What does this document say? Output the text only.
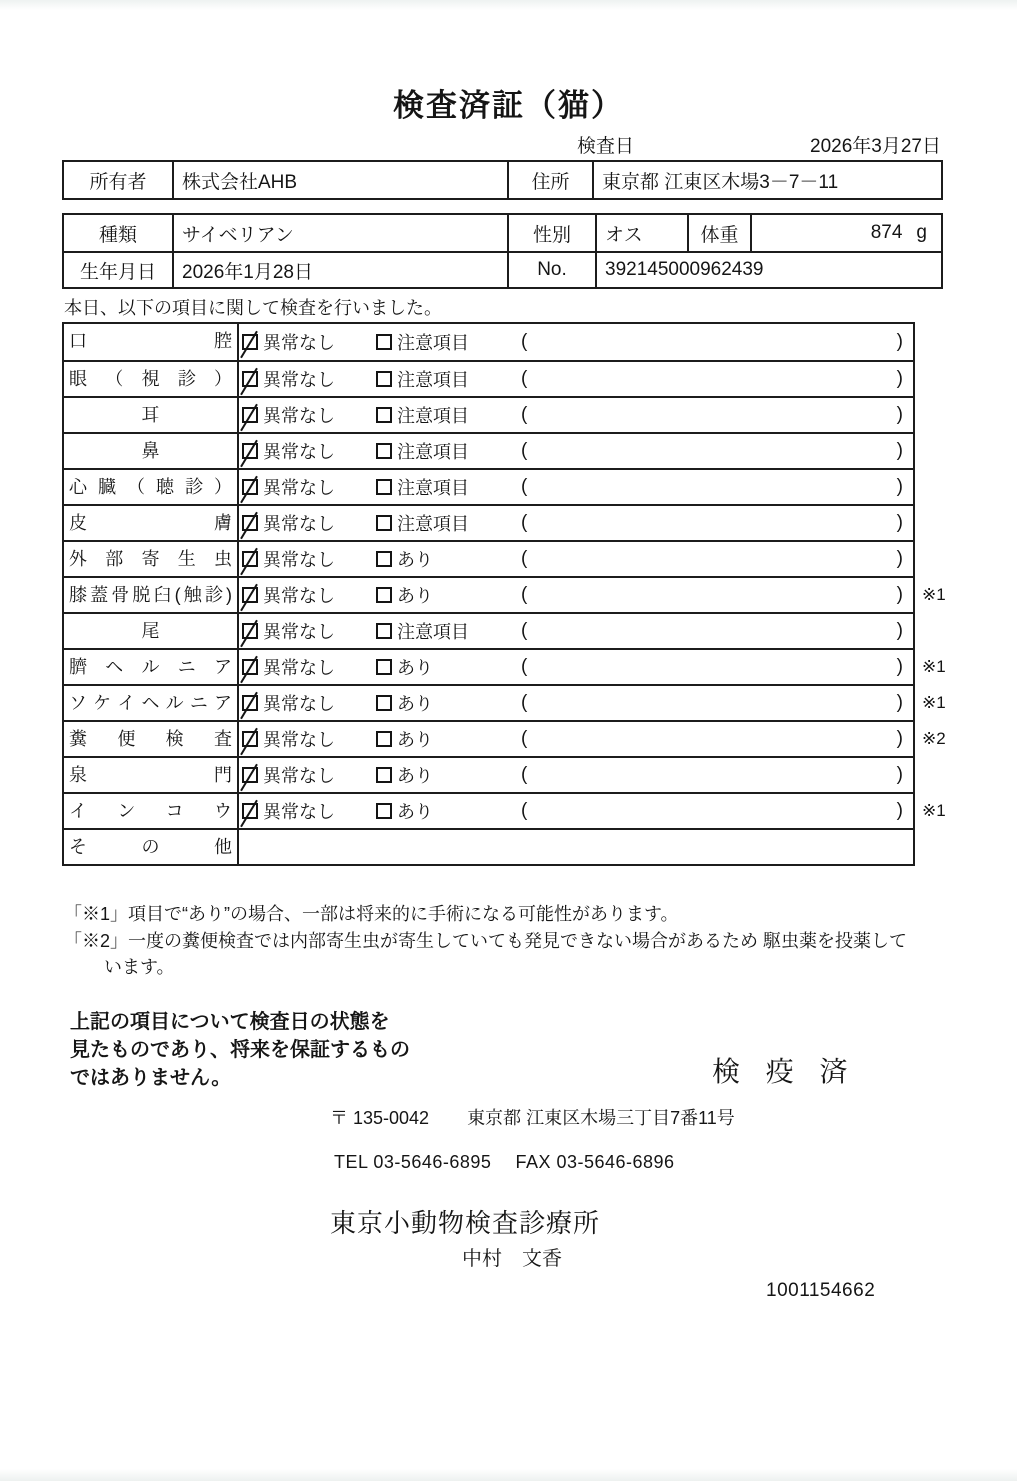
検査済証（猫）
検査日	2026年3月27日
所有者	株式会社AHB	住所	東京都 江東区木場3－7－11
種類	サイベリアン	性別	オス	体重	874 g
生年月日	2026年1月28日	No.	392145000962439
本日、以下の項目に関して検査を行いました。
口 腔	異常なし	注意項目	(	)
眼 （ 視 診 ）	異常なし	注意項目	(	)
耳	異常なし	注意項目	(	)
鼻	異常なし	注意項目	(	)
心 臓 （ 聴 診 ）	異常なし	注意項目	(	)
皮 膚	異常なし	注意項目	(	)
外 部 寄 生 虫	異常なし	あり	(	)
膝蓋骨脱臼(触診)	異常なし	あり	(	) ※1
尾	異常なし	注意項目	(	)
臍 ヘ ル ニ ア	異常なし	あり	(	) ※1
ソ ケ イ ヘ ル ニ ア	異常なし	あり	(	) ※1
糞 便 検 査	異常なし	あり	(	) ※2
泉 門	異常なし	あり	(	)
イ ン コ ウ	異常なし	あり	(	) ※1
そ の 他
「※1」項目で“あり”の場合、一部は将来的に手術になる可能性があります。
「※2」一度の糞便検査では内部寄生虫が寄生していても発見できない場合があるため 駆虫薬を投薬しています。
上記の項目について検査日の状態を
見たものであり、将来を保証するもの
ではありません。	検 疫 済
〒 135-0042 東京都 江東区木場三丁目7番11号
TEL 03-5646-6895 FAX 03-5646-6896
東京小動物検査診療所
中村　文香
1001154662
